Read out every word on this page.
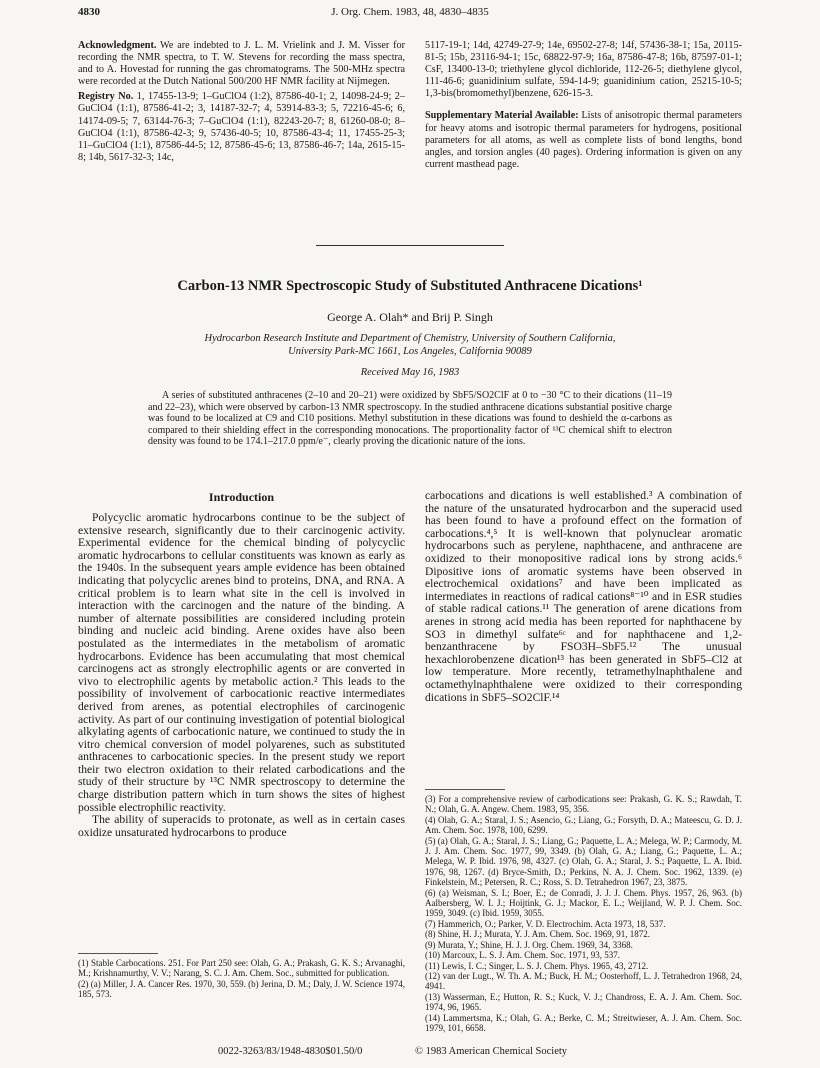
4830	J. Org. Chem. 1983, 48, 4830–4835

Acknowledgment. We are indebted to J. L. M. Vrielink and J. M. Visser for recording the NMR spectra, to T. W. Stevens for recording the mass spectra, and to A. Hovestad for running the gas chromatograms. The 500-MHz spectra were recorded at the Dutch National 500/200 HF NMR facility at Nijmegen.

Registry No. 1, 17455-13-9; 1–GuClO4 (1:2), 87586-40-1; 2, 14098-24-9; 2–GuClO4 (1:1), 87586-41-2; 3, 14187-32-7; 4, 53914-83-3; 5, 72216-45-6; 6, 14174-09-5; 7, 63144-76-3; 7–GuClO4 (1:1), 82243-20-7; 8, 61260-08-0; 8–GuClO4 (1:1), 87586-42-3; 9, 57436-40-5; 10, 87586-43-4; 11, 17455-25-3; 11–GuClO4 (1:1), 87586-44-5; 12, 87586-45-6; 13, 87586-46-7; 14a, 2615-15-8; 14b, 5617-32-3; 14c,

5117-19-1; 14d, 42749-27-9; 14e, 69502-27-8; 14f, 57436-38-1; 15a, 20115-81-5; 15b, 23116-94-1; 15c, 68822-97-9; 16a, 87586-47-8; 16b, 87597-01-1; CsF, 13400-13-0; triethylene glycol dichloride, 112-26-5; diethylene glycol, 111-46-6; guanidinium sulfate, 594-14-9; guanidinium cation, 25215-10-5; 1,3-bis(bromomethyl)benzene, 626-15-3.

Supplementary Material Available: Lists of anisotropic thermal parameters for heavy atoms and isotropic thermal parameters for hydrogens, positional parameters for all atoms, as well as complete lists of bond lengths, bond angles, and torsion angles (40 pages). Ordering information is given on any current masthead page.

Carbon-13 NMR Spectroscopic Study of Substituted Anthracene Dications¹
George A. Olah* and Brij P. Singh
Hydrocarbon Research Institute and Department of Chemistry, University of Southern California,
University Park-MC 1661, Los Angeles, California 90089
Received May 16, 1983

A series of substituted anthracenes (2–10 and 20–21) were oxidized by SbF5/SO2ClF at 0 to −30 °C to their dications (11–19 and 22–23), which were observed by carbon-13 NMR spectroscopy. In the studied anthracene dications substantial positive charge was found to be localized at C9 and C10 positions. Methyl substitution in these dications was found to deshield the α-carbons as compared to their shielding effect in the corresponding monocations. The proportionality factor of ¹³C chemical shift to electron density was found to be 174.1–217.0 ppm/e⁻, clearly proving the dicationic nature of the ions.

Introduction

Polycyclic aromatic hydrocarbons continue to be the subject of extensive research, significantly due to their carcinogenic activity. Experimental evidence for the chemical binding of polycyclic aromatic hydrocarbons to cellular constituents was known as early as the 1940s. In the subsequent years ample evidence has been obtained indicating that polycyclic arenes bind to proteins, DNA, and RNA. A critical problem is to learn what site in the cell is involved in interaction with the carcinogen and the nature of the binding. A number of alternate possibilities are considered including protein binding and nucleic acid binding. Arene oxides have also been postulated as the intermediates in the metabolism of aromatic hydrocarbons. Evidence has been accumulating that most chemical carcinogens act as strongly electrophilic agents or are converted in vivo to electrophilic agents by metabolic action.² This leads to the possibility of involvement of carbocationic reactive intermediates derived from arenes, as potential electrophiles of carcinogenic activity. As part of our continuing investigation of potential biological alkylating agents of carbocationic nature, we continued to study the in vitro chemical conversion of model polyarenes, such as substituted anthracenes to carbocationic species. In the present study we report their two electron oxidation to their related carbodications and the study of their structure by ¹³C NMR spectroscopy to determine the charge distribution pattern which in turn shows the sites of highest possible electrophilic reactivity.

The ability of superacids to protonate, as well as in certain cases oxidize unsaturated hydrocarbons to produce

carbocations and dications is well established.³ A combination of the nature of the unsaturated hydrocarbon and the superacid used has been found to have a profound effect on the formation of carbocations.⁴,⁵ It is well-known that polynuclear aromatic hydrocarbons such as perylene, naphthacene, and anthracene are oxidized to their monopositive radical ions by strong acids.⁶ Dipositive ions of aromatic systems have been observed in electrochemical oxidations⁷ and have been implicated as intermediates in reactions of radical cations⁸⁻¹⁰ and in ESR studies of stable radical cations.¹¹ The generation of arene dications from arenes in strong acid media has been reported for naphthacene by SO3 in dimethyl sulfate⁶ᶜ and for naphthacene and 1,2-benzanthracene by FSO3H–SbF5.¹² The unusual hexachlorobenzene dication¹³ has been generated in SbF5–Cl2 at low temperature. More recently, tetramethylnaphthalene and octamethylnaphthalene were oxidized to their corresponding dications in SbF5–SO2ClF.¹⁴

(1) Stable Carbocations. 251. For Part 250 see: Olah, G. A.; Prakash, G. K. S.; Arvanaghi, M.; Krishnamurthy, V. V.; Narang, S. C. J. Am. Chem. Soc., submitted for publication.

(2) (a) Miller, J. A. Cancer Res. 1970, 30, 559. (b) Jerina, D. M.; Daly, J. W. Science 1974, 185, 573.

(3) For a comprehensive review of carbodications see: Prakash, G. K. S.; Rawdah, T. N.; Olah, G. A. Angew. Chem. 1983, 95, 356.

(4) Olah, G. A.; Staral, J. S.; Asencio, G.; Liang, G.; Forsyth, D. A.; Mateescu, G. D. J. Am. Chem. Soc. 1978, 100, 6299.

(5) (a) Olah, G. A.; Staral, J. S.; Liang, G.; Paquette, L. A.; Melega, W. P.; Carmody, M. J. J. Am. Chem. Soc. 1977, 99, 3349. (b) Olah, G. A.; Liang, G.; Paquette, L. A.; Melega, W. P. Ibid. 1976, 98, 4327. (c) Olah, G. A.; Staral, J. S.; Paquette, L. A. Ibid. 1976, 98, 1267. (d) Bryce-Smith, D.; Perkins, N. A. J. Chem. Soc. 1962, 1339. (e) Finkelstein, M.; Petersen, R. C.; Ross, S. D. Tetrahedron 1967, 23, 3875.

(6) (a) Weisman, S. I.; Boer, E.; de Conradi, J. J. J. Chem. Phys. 1957, 26, 963. (b) Aalbersberg, W. I. J.; Hoijtink, G. J.; Mackor, E. L.; Weijland, W. P. J. Chem. Soc. 1959, 3049. (c) Ibid. 1959, 3055.

(7) Hammerich, O.; Parker, V. D. Electrochim. Acta 1973, 18, 537.

(8) Shine, H. J.; Murata, Y. J. Am. Chem. Soc. 1969, 91, 1872.

(9) Murata, Y.; Shine, H. J. J. Org. Chem. 1969, 34, 3368.

(10) Marcoux, L. S. J. Am. Chem. Soc. 1971, 93, 537.

(11) Lewis, I. C.; Singer, L. S. J. Chem. Phys. 1965, 43, 2712.

(12) van der Lugt., W. Th. A. M.; Buck, H. M.; Oosterhoff, L. J. Tetrahedron 1968, 24, 4941.

(13) Wasserman, E.; Hutton, R. S.; Kuck, V. J.; Chandross, E. A. J. Am. Chem. Soc. 1974, 96, 1965.

(14) Lammertsma, K.; Olah, G. A.; Berke, C. M.; Streitwieser, A. J. Am. Chem. Soc. 1979, 101, 6658.

0022-3263/83/1948-4830$01.50/0	© 1983 American Chemical Society
